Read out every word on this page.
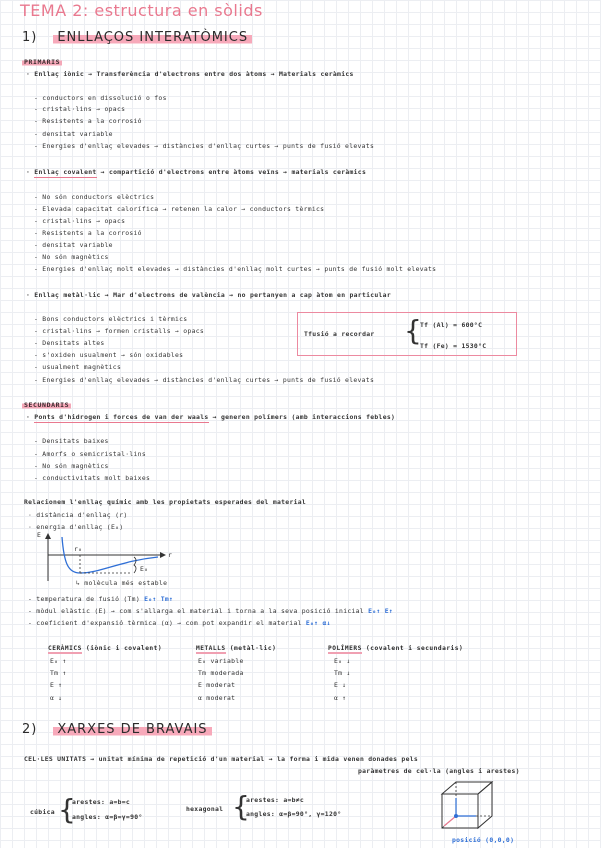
TEMA 2: estructura en sòlids
1) ENLLAÇOS INTERATÒMICS
PRIMARIS
· Enllaç iònic → Transferència d'electrons entre dos àtoms → Materials ceràmics
- conductors en dissolució o fos
- cristal·lins → opacs
- Resistents a la corrosió
- densitat variable
- Energies d'enllaç elevades → distàncies d'enllaç curtes → punts de fusió elevats
· Enllaç covalent → compartició d'electrons entre àtoms veïns → materials ceràmics
- No són conductors elèctrics
- Elevada capacitat calorífica → retenen la calor → conductors tèrmics
- cristal·lins → opacs
- Resistents a la corrosió
- densitat variable
- No són magnètics
- Energies d'enllaç molt elevades → distàncies d'enllaç molt curtes → punts de fusió molt elevats
· Enllaç metàl·lic → Mar d'electrons de valència → no pertanyen a cap àtom en particular
- Bons conductors elèctrics i tèrmics
- cristal·lins → formen cristalls → opacs
- Densitats altes
- s'oxiden usualment → són oxidables
- usualment magnètics
- Energies d'enllaç elevades → distàncies d'enllaç curtes → punts de fusió elevats
Tfusió a recordar {
Tf (Al) = 600°C
Tf (Fe) = 1530°C
SECUNDARIS
· Ponts d'hidrogen i forces de van der waals → generen polímers (amb interaccions febles)
- Densitats baixes
- Amorfs o semicristal·lins
- No són magnètics
- conductivitats molt baixes
Relacionem l'enllaç químic amb les propietats esperades del material
· distància d'enllaç (r)
· energia d'enllaç (E₀)
E
r
r₀
E₀
↳ molècula més estable
- temperatura de fusió (Tm) E₀↑ Tm↑
- mòdul elàstic (E) → com s'allarga el material i torna a la seva posició inicial E₀↑ E↑
- coeficient d'expansió tèrmica (α) → com pot expandir el material E₀↑ α↓
CERÀMICS (iònic i covalent)
E₀ ↑
Tm ↑
E ↑
α ↓
METALLS (metàl·lic)
E₀ variable
Tm moderada
E moderat
α moderat
POLÍMERS (covalent i secundaris)
E₀ ↓
Tm ↓
E ↓
α ↑
2) XARXES DE BRAVAIS
CEL·LES UNITATS → unitat mínima de repetició d'un material → la forma i mida venen donades pels
paràmetres de cel·la (angles i arestes)
cúbica {
arestes: a=b=c
angles: α=β=γ=90°
hexagonal {
arestes: a=b≠c
angles: α=β=90°, γ=120°
posició (0,0,0)
